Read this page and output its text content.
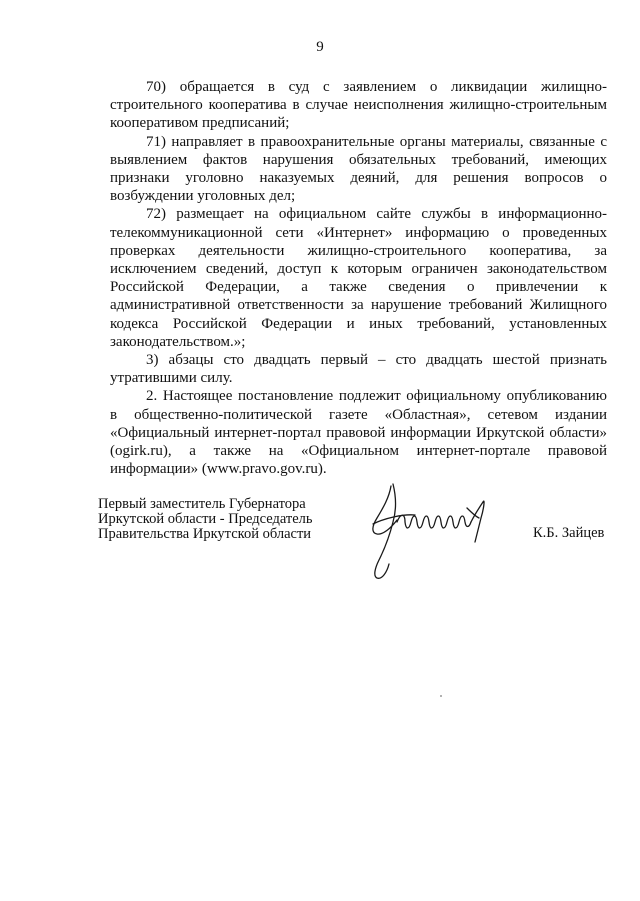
9

70) обращается в суд с заявлением о ликвидации жилищно-строительного кооператива в случае неисполнения жилищно-строительным кооперативом предписаний;

71) направляет в правоохранительные органы материалы, связанные с выявлением фактов нарушения обязательных требований, имеющих признаки уголовно наказуемых деяний, для решения вопросов о возбуждении уголовных дел;

72) размещает на официальном сайте службы в информационно-телекоммуникационной сети «Интернет» информацию о проведенных проверках деятельности жилищно-строительного кооператива, за исключением сведений, доступ к которым ограничен законодательством Российской Федерации, а также сведения о привлечении к административной ответственности за нарушение требований Жилищного кодекса Российской Федерации и иных требований, установленных законодательством.»;

3) абзацы сто двадцать первый – сто двадцать шестой признать утратившими силу.

2. Настоящее постановление подлежит официальному опубликованию в общественно-политической газете «Областная», сетевом издании «Официальный интернет-портал правовой информации Иркутской области» (ogirk.ru), а также на «Официальном интернет-портале правовой информации» (www.pravo.gov.ru).

Первый заместитель Губернатора
Иркутской области - Председатель
Правительства Иркутской области	К.Б. Зайцев
